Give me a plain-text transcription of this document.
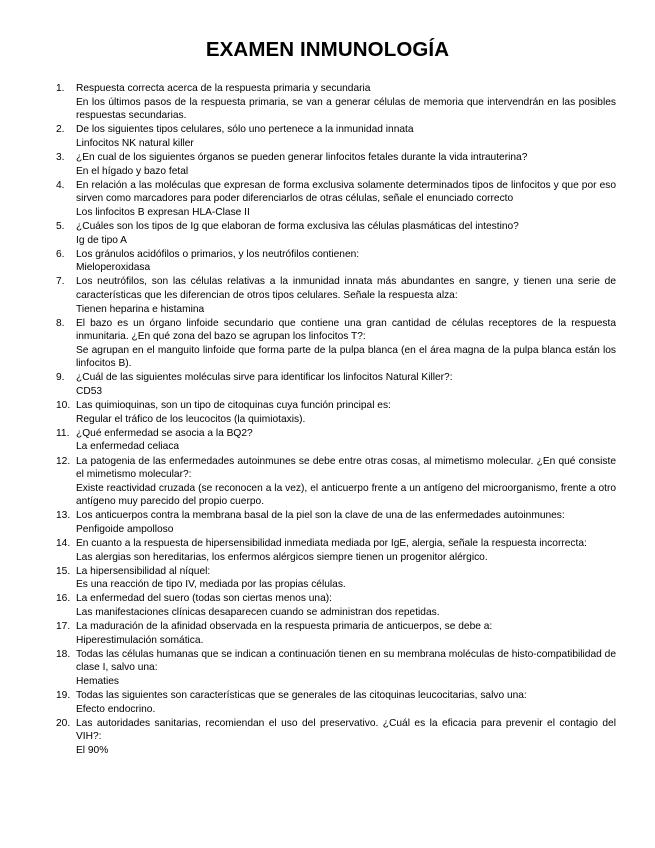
EXAMEN INMUNOLOGÍA
1.	Respuesta correcta acerca de la respuesta primaria y secundaria
En los últimos pasos de la respuesta primaria, se van a generar células de memoria que intervendrán en las posibles respuestas secundarias.
2.	De los siguientes tipos celulares, sólo uno pertenece a la inmunidad innata
Linfocitos NK natural killer
3.	¿En cual de los siguientes órganos se pueden generar linfocitos fetales durante la vida intrauterina?
En el hígado y bazo fetal
4.	En relación a las moléculas que expresan de forma exclusiva solamente determinados tipos de linfocitos y que por eso sirven como marcadores para poder diferenciarlos de otras células, señale el enunciado correcto
Los linfocitos B expresan HLA-Clase II
5.	¿Cuáles son los tipos de Ig que elaboran de forma exclusiva las células plasmáticas del intestino?
Ig de tipo A
6.	Los gránulos acidófilos o primarios, y los neutrófilos contienen:
Mieloperoxidasa
7.	Los neutrófilos, son las células relativas a la inmunidad innata más abundantes en sangre, y tienen una serie de características que les diferencian de otros tipos celulares. Señale la respuesta alza:
Tienen heparina e histamina
8.	El bazo es un órgano linfoide secundario que contiene una gran cantidad de células receptores de la respuesta inmunitaria. ¿En qué zona del bazo se agrupan los linfocitos T?:
Se agrupan en el manguito linfoide que forma parte de la pulpa blanca (en el área magna de la pulpa blanca están los linfocitos B).
9.	¿Cuál de las siguientes moléculas sirve para identificar los linfocitos Natural Killer?:
CD53
10. Las quimioquinas, son un tipo de citoquinas cuya función principal es:
Regular el tráfico de los leucocitos (la quimiotaxis).
11. ¿Qué enfermedad se asocia a la BQ2?
La enfermedad celiaca
12. La patogenia de las enfermedades autoinmunes se debe entre otras cosas, al mimetismo molecular. ¿En qué consiste el mimetismo molecular?:
Existe reactividad cruzada (se reconocen a la vez), el anticuerpo frente a un antígeno del microorganismo, frente a otro antígeno muy parecido del propio cuerpo.
13. Los anticuerpos contra la membrana basal de la piel son la clave de una de las enfermedades autoinmunes:
Penfigoide ampolloso
14. En cuanto a la respuesta de hipersensibilidad inmediata mediada por IgE, alergia, señale la respuesta incorrecta:
Las alergias son hereditarias, los enfermos alérgicos siempre tienen un progenitor alérgico.
15. La hipersensibilidad al níquel:
Es una reacción de tipo IV, mediada por las propias células.
16. La enfermedad del suero (todas son ciertas menos una):
Las manifestaciones clínicas desaparecen cuando se administran dos repetidas.
17. La maduración de la afinidad observada en la respuesta primaria de anticuerpos, se debe a:
Hiperestimulación somática.
18. Todas las células humanas que se indican a continuación tienen en su membrana moléculas de histo-compatibilidad de clase I, salvo una:
Hematies
19. Todas las siguientes son características que se generales de las citoquinas leucocitarias, salvo una:
Efecto endocrino.
20. Las autoridades sanitarias, recomiendan el uso del preservativo. ¿Cuál es la eficacia para prevenir el contagio del VIH?:
El 90%
